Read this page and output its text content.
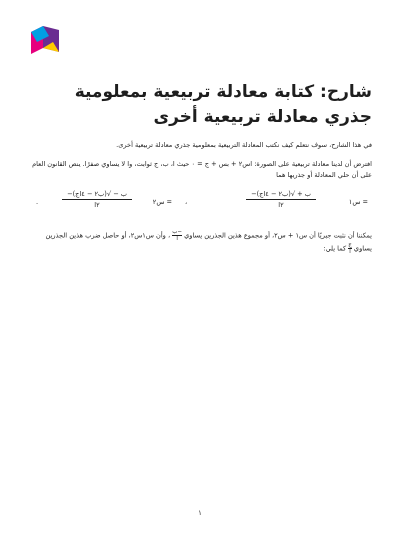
شارح: كتابة معادلة تربيعية بمعلومية جذري معادلة تربيعية أخرى

في هذا الشارح، سوف نتعلم كيف نكتب المعادلة التربيعية بمعلومية جذري معادلة تربيعية أخرى.

افترض أن لدينا معادلة تربيعية على الصورة: اس٢ + بس + ج = ٠ حيث ا، ب، ج ثوابت، وا لا يساوي صفرًا. ينص القانون العام على أن حلي المعادلة أو جذريها هما

س١ =
−ب + √(ب٢ − ٤اج)
٢ا
،
س٢ =
−ب − √(ب٢ − ٤اج)
٢ا
.

يمكننا أن نثبت جبريًا أن س١ + س٢، أو مجموع هذين الجذرين يساوي
−ب
ا
، وأن س١س٢، أو حاصل ضرب هذين الجذرين يساوي
ج
ا
كما يلي:

١
